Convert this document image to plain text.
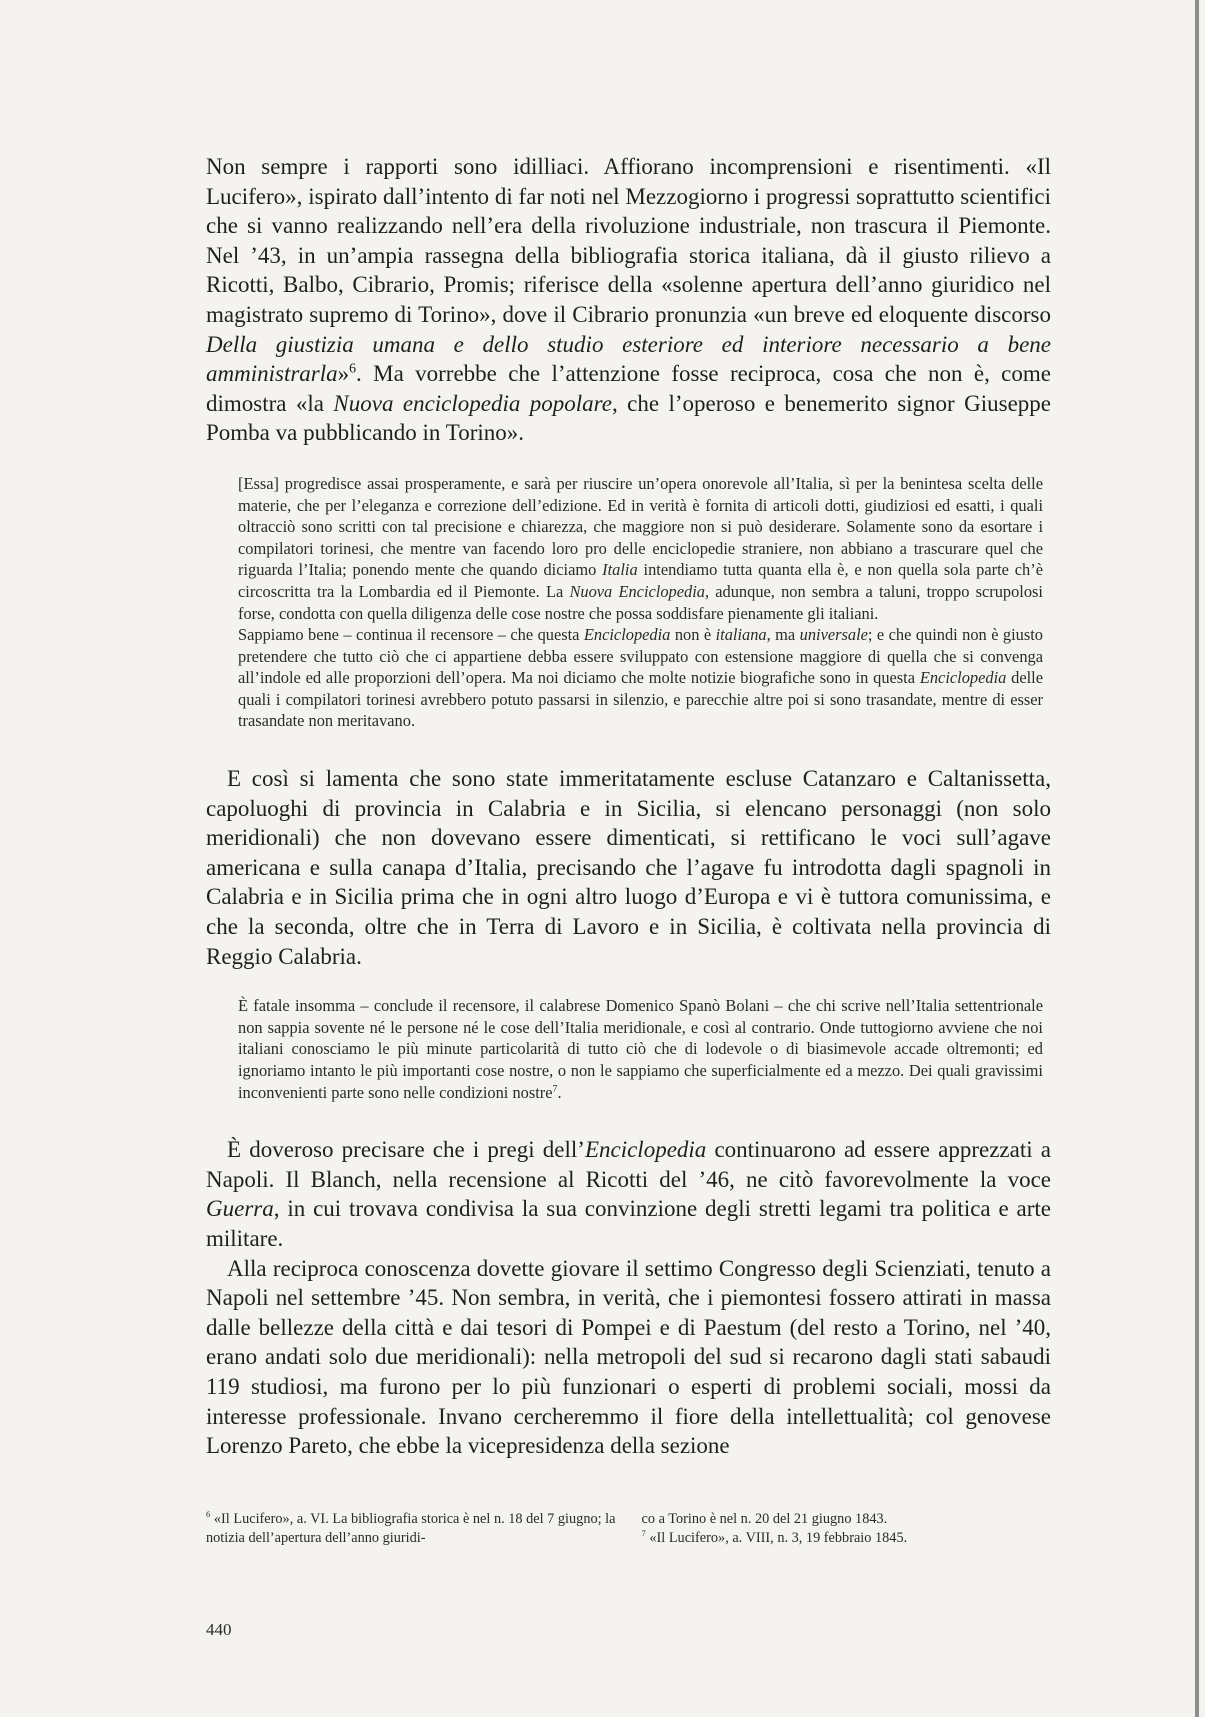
Non sempre i rapporti sono idilliaci. Affiorano incomprensioni e risentimenti. «Il Lucifero», ispirato dall’intento di far noti nel Mezzogiorno i progressi soprattutto scientifici che si vanno realizzando nell’era della rivoluzione industriale, non trascura il Piemonte. Nel ’43, in un’ampia rassegna della bibliografia storica italiana, dà il giusto rilievo a Ricotti, Balbo, Cibrario, Promis; riferisce della «solenne apertura dell’anno giuridico nel magistrato supremo di Torino», dove il Cibrario pronunzia «un breve ed eloquente discorso Della giustizia umana e dello studio esteriore ed interiore necessario a bene amministrarla»$^6$. Ma vorrebbe che l’attenzione fosse reciproca, cosa che non è, come dimostra «la Nuova enciclopedia popolare, che l’operoso e benemerito signor Giuseppe Pomba va pubblicando in Torino».

[Essa] progredisce assai prosperamente, e sarà per riuscire un’opera onorevole all’Italia, sì per la benintesa scelta delle materie, che per l’eleganza e correzione dell’edizione. Ed in verità è fornita di articoli dotti, giudiziosi ed esatti, i quali oltracciò sono scritti con tal precisione e chiarezza, che maggiore non si può desiderare. Solamente sono da esortare i compilatori torinesi, che mentre van facendo loro pro delle enciclopedie straniere, non abbiano a trascurare quel che riguarda l’Italia; ponendo mente che quando diciamo Italia intendiamo tutta quanta ella è, e non quella sola parte ch’è circoscritta tra la Lombardia ed il Piemonte. La Nuova Enciclopedia, adunque, non sembra a taluni, troppo scrupolosi forse, condotta con quella diligenza delle cose nostre che possa soddisfare pienamente gli italiani.

Sappiamo bene – continua il recensore – che questa Enciclopedia non è italiana, ma universale; e che quindi non è giusto pretendere che tutto ciò che ci appartiene debba essere sviluppato con estensione maggiore di quella che si convenga all’indole ed alle proporzioni dell’opera. Ma noi diciamo che molte notizie biografiche sono in questa Enciclopedia delle quali i compilatori torinesi avrebbero potuto passarsi in silenzio, e parecchie altre poi si sono trasandate, mentre di esser trasandate non meritavano.

E così si lamenta che sono state immeritatamente escluse Catanzaro e Caltanissetta, capoluoghi di provincia in Calabria e in Sicilia, si elencano personaggi (non solo meridionali) che non dovevano essere dimenticati, si rettificano le voci sull’agave americana e sulla canapa d’Italia, precisando che l’agave fu introdotta dagli spagnoli in Calabria e in Sicilia prima che in ogni altro luogo d’Europa e vi è tuttora comunissima, e che la seconda, oltre che in Terra di Lavoro e in Sicilia, è coltivata nella provincia di Reggio Calabria.

È fatale insomma – conclude il recensore, il calabrese Domenico Spanò Bolani – che chi scrive nell’Italia settentrionale non sappia sovente né le persone né le cose dell’Italia meridionale, e così al contrario. Onde tuttogiorno avviene che noi italiani conosciamo le più minute particolarità di tutto ciò che di lodevole o di biasimevole accade oltremonti; ed ignoriamo intanto le più importanti cose nostre, o non le sappiamo che superficialmente ed a mezzo. Dei quali gravissimi inconvenienti parte sono nelle condizioni nostre$^7$.

È doveroso precisare che i pregi dell’Enciclopedia continuarono ad essere apprezzati a Napoli. Il Blanch, nella recensione al Ricotti del ’46, ne citò favorevolmente la voce Guerra, in cui trovava condivisa la sua convinzione degli stretti legami tra politica e arte militare.

Alla reciproca conoscenza dovette giovare il settimo Congresso degli Scienziati, tenuto a Napoli nel settembre ’45. Non sembra, in verità, che i piemontesi fossero attirati in massa dalle bellezze della città e dai tesori di Pompei e di Paestum (del resto a Torino, nel ’40, erano andati solo due meridionali): nella metropoli del sud si recarono dagli stati sabaudi 119 studiosi, ma furono per lo più funzionari o esperti di problemi sociali, mossi da interesse professionale. Invano cercheremmo il fiore della intellettualità; col genovese Lorenzo Pareto, che ebbe la vicepresidenza della sezione

$^6$ «Il Lucifero», a. VI. La bibliografia storica è nel n. 18 del 7 giugno; la notizia dell’apertura dell’anno giuridi-
co a Torino è nel n. 20 del 21 giugno 1843.
$^7$ «Il Lucifero», a. VIII, n. 3, 19 febbraio 1845.
440
